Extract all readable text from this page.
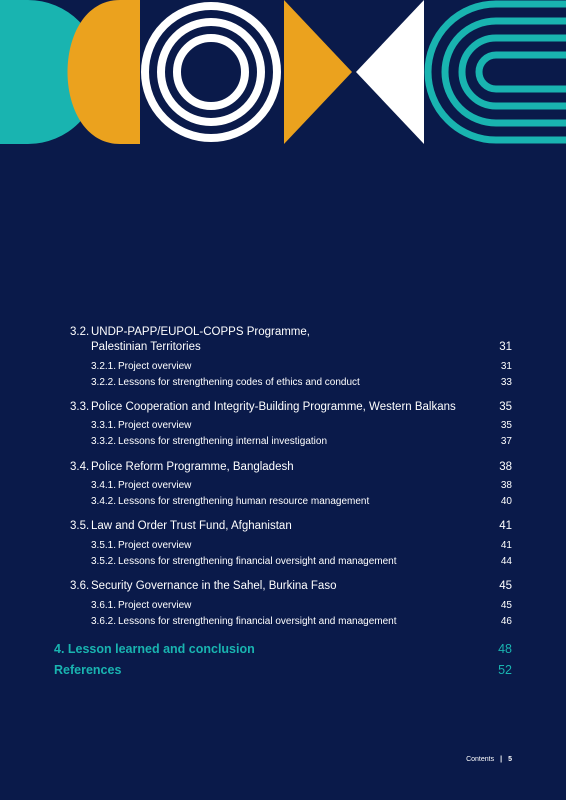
3.2. UNDP-PAPP/EUPOL-COPPS Programme,
Palestinian Territories	31
3.2.1. Project overview	31
3.2.2. Lessons for strengthening codes of ethics and conduct	33
3.3. Police Cooperation and Integrity-Building Programme, Western Balkans	35
3.3.1. Project overview	35
3.3.2. Lessons for strengthening internal investigation	37
3.4. Police Reform Programme, Bangladesh	38
3.4.1. Project overview	38
3.4.2. Lessons for strengthening human resource management	40
3.5. Law and Order Trust Fund, Afghanistan	41
3.5.1. Project overview	41
3.5.2. Lessons for strengthening financial oversight and management	44
3.6. Security Governance in the Sahel, Burkina Faso	45
3.6.1. Project overview	45
3.6.2. Lessons for strengthening financial oversight and management	46
4. Lesson learned and conclusion	48
References	52
Contents | 5
